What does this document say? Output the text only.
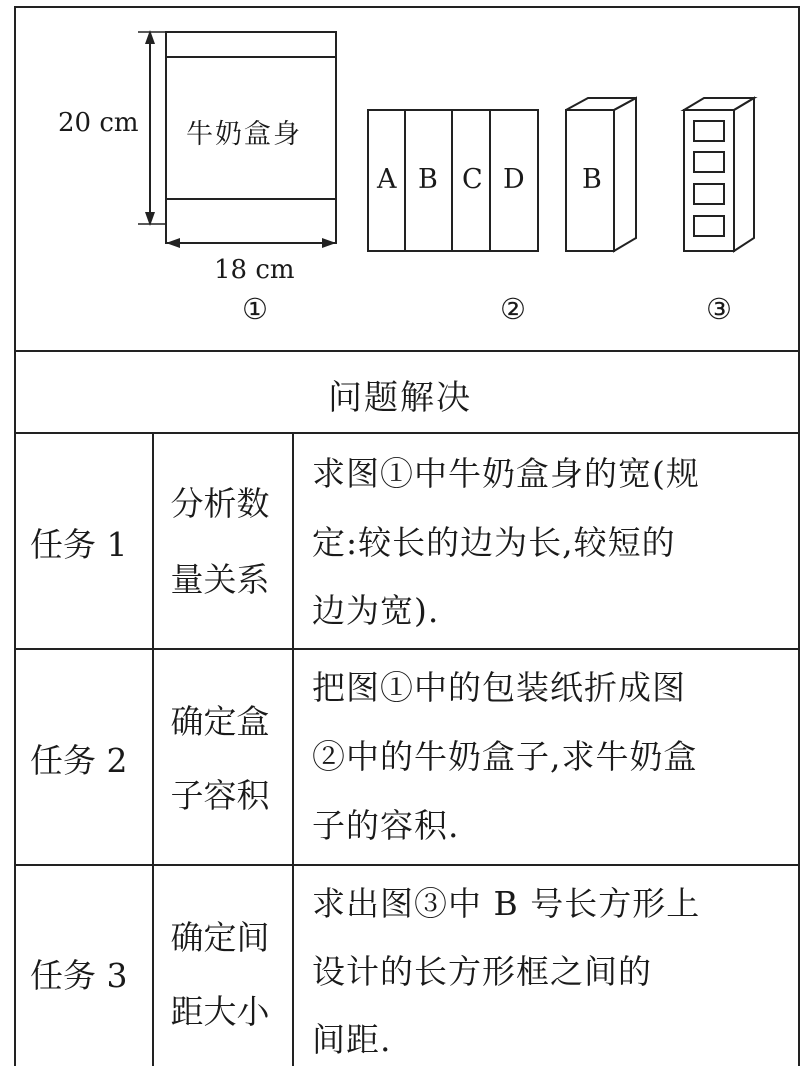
20 cm
18 cm
牛奶盒身
A B C D B
①	②	③
问题解决
任务 1
分析数
量关系
求图①中牛奶盒身的宽(规
定:较长的边为长,较短的
边为宽).
任务 2
确定盒
子容积
把图①中的包装纸折成图
②中的牛奶盒子,求牛奶盒
子的容积.
任务 3
确定间
距大小
求出图③中 B 号长方形上
设计的长方形框之间的
间距.
